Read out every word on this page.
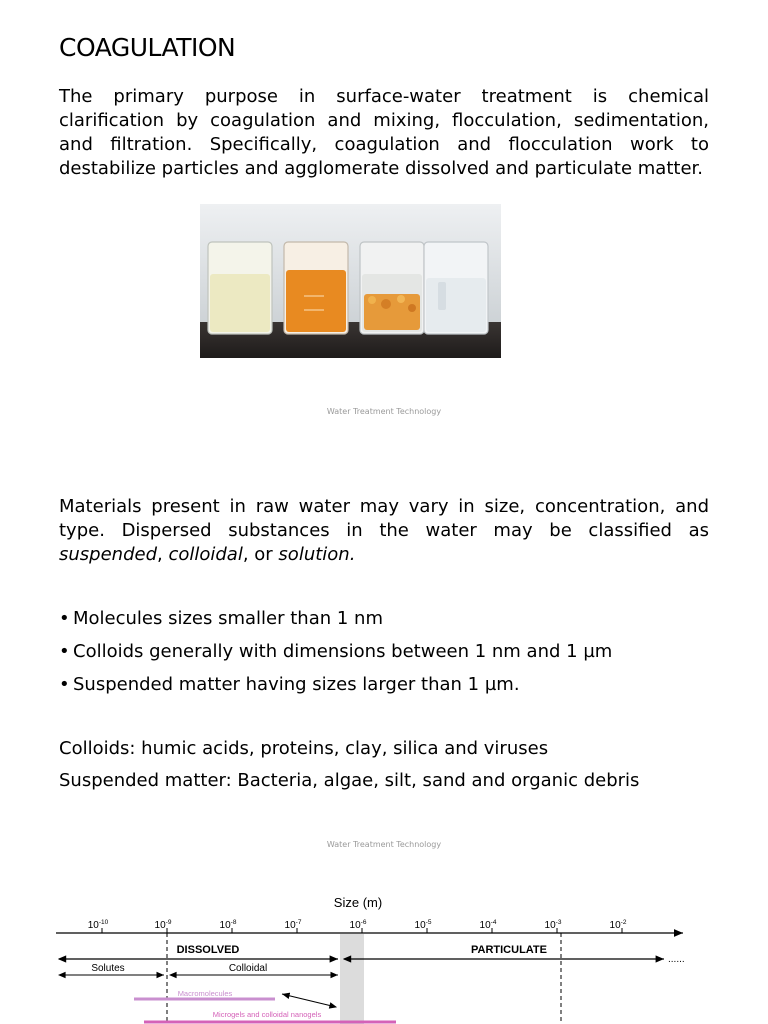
COAGULATION
The primary purpose in surface-water treatment is chemical clarification by coagulation and mixing, flocculation, sedimentation, and filtration. Specifically, coagulation and flocculation work to destabilize particles and agglomerate dissolved and particulate matter.
Water Treatment Technology
Materials present in raw water may vary in size, concentration, and type. Dispersed substances in the water may be classified as suspended, colloidal, or solution.
• Molecules sizes smaller than 1 nm
• Colloids generally with dimensions between 1 nm and 1 µm
• Suspended matter having sizes larger than 1 µm.
Colloids: humic acids, proteins, clay, silica and viruses
Suspended matter: Bacteria, algae, silt, sand and organic debris
Water Treatment Technology
Size (m)
$10^{-10}$	$10^{-9}$	$10^{-8}$	$10^{-7}$	$10^{-6}$	$10^{-5}$	$10^{-4}$	$10^{-3}$	$10^{-2}$
DISSOLVED	PARTICULATE
......
Solutes	Colloidal
Macromolecules
Microgels and colloidal nanogels
